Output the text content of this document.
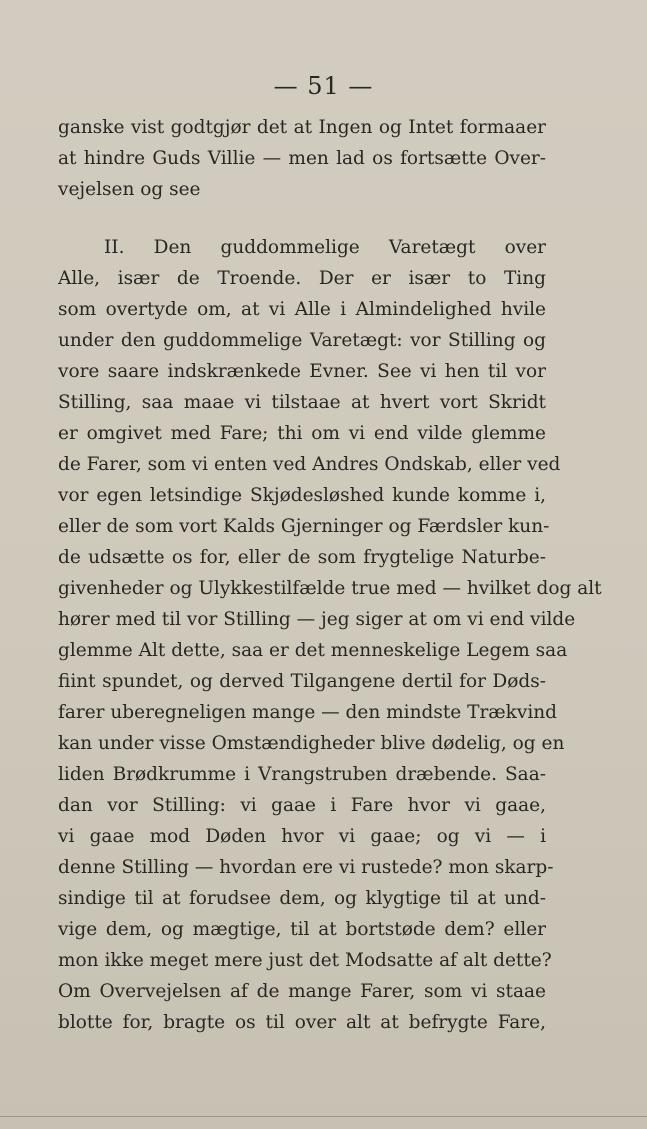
— 51 —
ganske vist godtgjør det at Ingen og Intet formaaer
at hindre Guds Villie — men lad os fortsætte Over-
vejelsen og see
II. Den guddommelige Varetægt over
Alle, især de Troende. Der er især to Ting
som overtyde om, at vi Alle i Almindelighed hvile
under den guddommelige Varetægt: vor Stilling og
vore saare indskrænkede Evner. See vi hen til vor
Stilling, saa maae vi tilstaae at hvert vort Skridt
er omgivet med Fare; thi om vi end vilde glemme
de Farer, som vi enten ved Andres Ondskab, eller ved
vor egen letsindige Skjødesløshed kunde komme i,
eller de som vort Kalds Gjerninger og Færdsler kun-
de udsætte os for, eller de som frygtelige Naturbe-
givenheder og Ulykkestilfælde true med — hvilket dog alt
hører med til vor Stilling — jeg siger at om vi end vilde
glemme Alt dette, saa er det menneskelige Legem saa
fiint spundet, og derved Tilgangene dertil for Døds-
farer uberegneligen mange — den mindste Trækvind
kan under visse Omstændigheder blive dødelig, og en
liden Brødkrumme i Vrangstruben dræbende. Saa-
dan vor Stilling: vi gaae i Fare hvor vi gaae,
vi gaae mod Døden hvor vi gaae; og vi — i
denne Stilling — hvordan ere vi rustede? mon skarp-
sindige til at forudsee dem, og klygtige til at und-
vige dem, og mægtige, til at bortstøde dem? eller
mon ikke meget mere just det Modsatte af alt dette?
Om Overvejelsen af de mange Farer, som vi staae
blotte for, bragte os til over alt at befrygte Fare,
